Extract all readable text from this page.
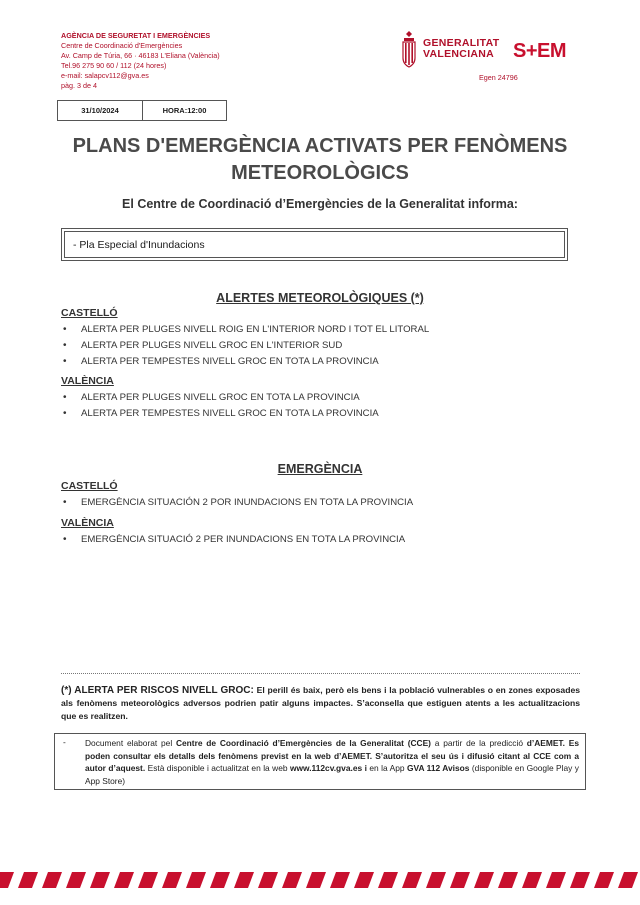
AGÈNCIA DE SEGURETAT I EMERGÈNCIES
Centre de Coordinació d'Emergències
Av. Camp de Túria, 66 · 46183 L'Eliana (València)
Tel.96 275 90 60 / 112 (24 hores)
e-mail: salapcv112@gva.es
pàg. 3 de 4
GENERALITAT
VALENCIANA S+EM
Egen 24796
31/10/2024	HORA:12:00
PLANS D'EMERGÈNCIA ACTIVATS PER FENÒMENS
METEOROLÒGICS
El Centre de Coordinació d’Emergències de la Generalitat informa:
- Pla Especial d'Inundacions
ALERTES METEOROLÒGIQUES (*)
CASTELLÓ
• ALERTA PER PLUGES NIVELL ROIG EN L'INTERIOR NORD I TOT EL LITORAL
• ALERTA PER PLUGES NIVELL GROC EN L'INTERIOR SUD
• ALERTA PER TEMPESTES NIVELL GROC EN TOTA LA PROVINCIA
VALÈNCIA
• ALERTA PER PLUGES NIVELL GROC EN TOTA LA PROVINCIA
• ALERTA PER TEMPESTES NIVELL GROC EN TOTA LA PROVINCIA
EMERGÈNCIA
CASTELLÓ
• EMERGÈNCIA SITUACIÓN 2 POR INUNDACIONS EN TOTA LA PROVINCIA
VALÈNCIA
• EMERGÈNCIA SITUACIÓ 2 PER INUNDACIONS EN TOTA LA PROVINCIA
(*) ALERTA PER RISCOS NIVELL GROC: El perill és baix, però els bens i la població vulnerables o en zones exposades als fenòmens meteorològics adversos podrien patir alguns impactes. S’aconsella que estiguen atents a les actualitzacions que es realitzen.
- Document elaborat pel Centre de Coordinació d’Emergències de la Generalitat (CCE) a partir de la predicció d’AEMET. Es poden consultar els detalls dels fenòmens previst en la web d’AEMET. S’autoritza el seu ús i difusió citant al CCE com a autor d’aquest. Està disponible i actualitzat en la web www.112cv.gva.es i en la App GVA 112 Avisos (disponible en Google Play y App Store)
